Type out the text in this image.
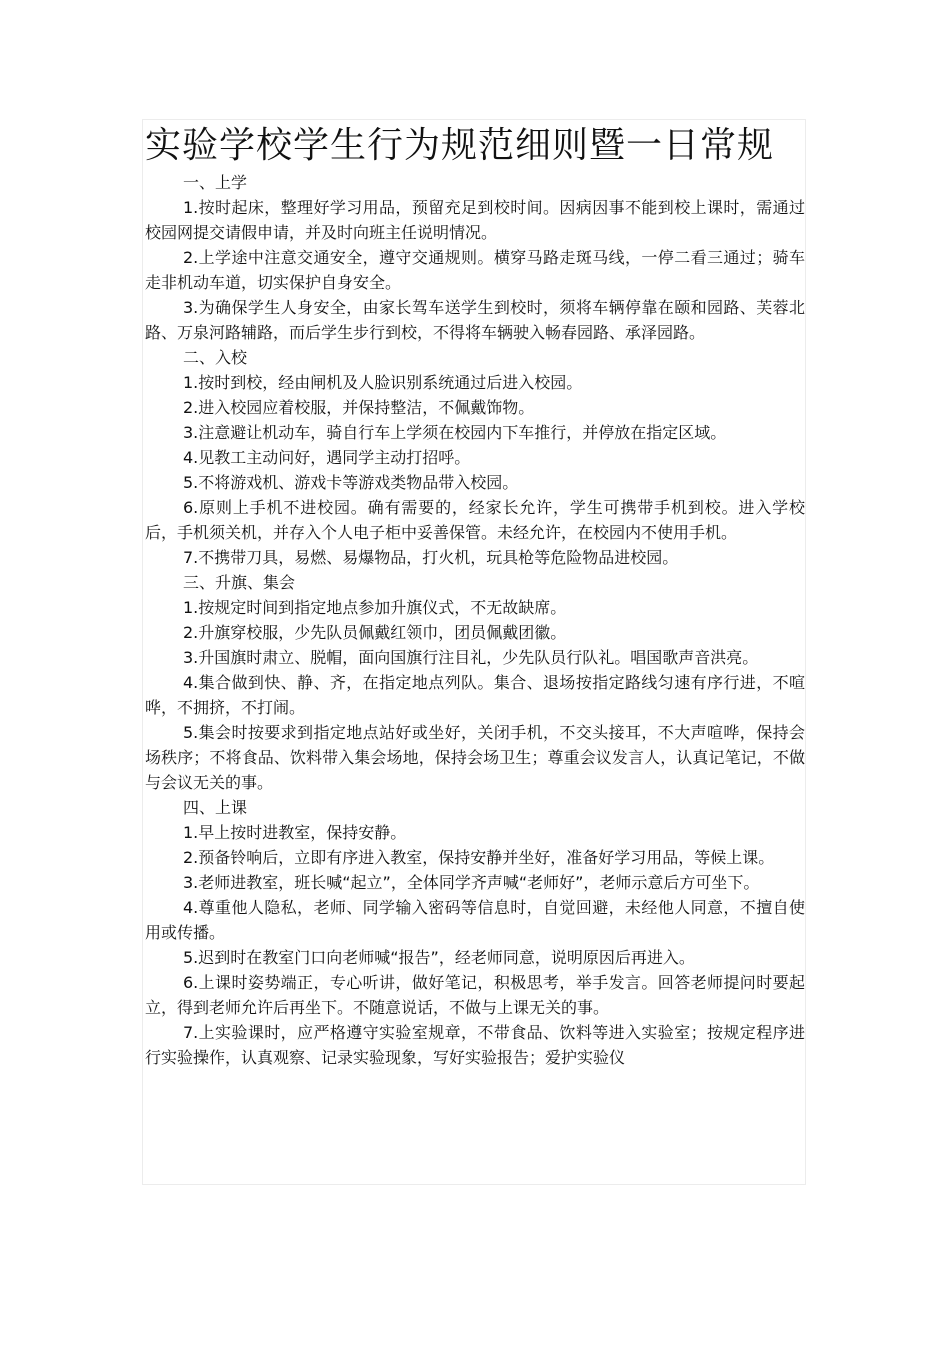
实验学校学生行为规范细则暨一日常规

一、上学

1.按时起床，整理好学习用品，预留充足到校时间。因病因事不能到校上课时，需通过校园网提交请假申请，并及时向班主任说明情况。

2.上学途中注意交通安全，遵守交通规则。横穿马路走斑马线，一停二看三通过；骑车走非机动车道，切实保护自身安全。

3.为确保学生人身安全，由家长驾车送学生到校时，须将车辆停靠在颐和园路、芙蓉北路、万泉河路辅路，而后学生步行到校，不得将车辆驶入畅春园路、承泽园路。

二、入校

1.按时到校，经由闸机及人脸识别系统通过后进入校园。

2.进入校园应着校服，并保持整洁，不佩戴饰物。

3.注意避让机动车，骑自行车上学须在校园内下车推行，并停放在指定区域。

4.见教工主动问好，遇同学主动打招呼。

5.不将游戏机、游戏卡等游戏类物品带入校园。

6.原则上手机不进校园。确有需要的，经家长允许，学生可携带手机到校。进入学校后，手机须关机，并存入个人电子柜中妥善保管。未经允许，在校园内不使用手机。

7.不携带刀具，易燃、易爆物品，打火机，玩具枪等危险物品进校园。

三、升旗、集会

1.按规定时间到指定地点参加升旗仪式，不无故缺席。

2.升旗穿校服，少先队员佩戴红领巾，团员佩戴团徽。

3.升国旗时肃立、脱帽，面向国旗行注目礼，少先队员行队礼。唱国歌声音洪亮。

4.集合做到快、静、齐，在指定地点列队。集合、退场按指定路线匀速有序行进，不喧哗，不拥挤，不打闹。

5.集会时按要求到指定地点站好或坐好，关闭手机，不交头接耳，不大声喧哗，保持会场秩序；不将食品、饮料带入集会场地，保持会场卫生；尊重会议发言人，认真记笔记，不做与会议无关的事。

四、上课

1.早上按时进教室，保持安静。

2.预备铃响后，立即有序进入教室，保持安静并坐好，准备好学习用品，等候上课。

3.老师进教室，班长喊“起立”，全体同学齐声喊“老师好”，老师示意后方可坐下。

4.尊重他人隐私，老师、同学输入密码等信息时，自觉回避，未经他人同意，不擅自使用或传播。

5.迟到时在教室门口向老师喊“报告”，经老师同意，说明原因后再进入。

6.上课时姿势端正，专心听讲，做好笔记，积极思考，举手发言。回答老师提问时要起立，得到老师允许后再坐下。不随意说话，不做与上课无关的事。

7.上实验课时，应严格遵守实验室规章，不带食品、饮料等进入实验室；按规定程序进行实验操作，认真观察、记录实验现象，写好实验报告；爱护实验仪
